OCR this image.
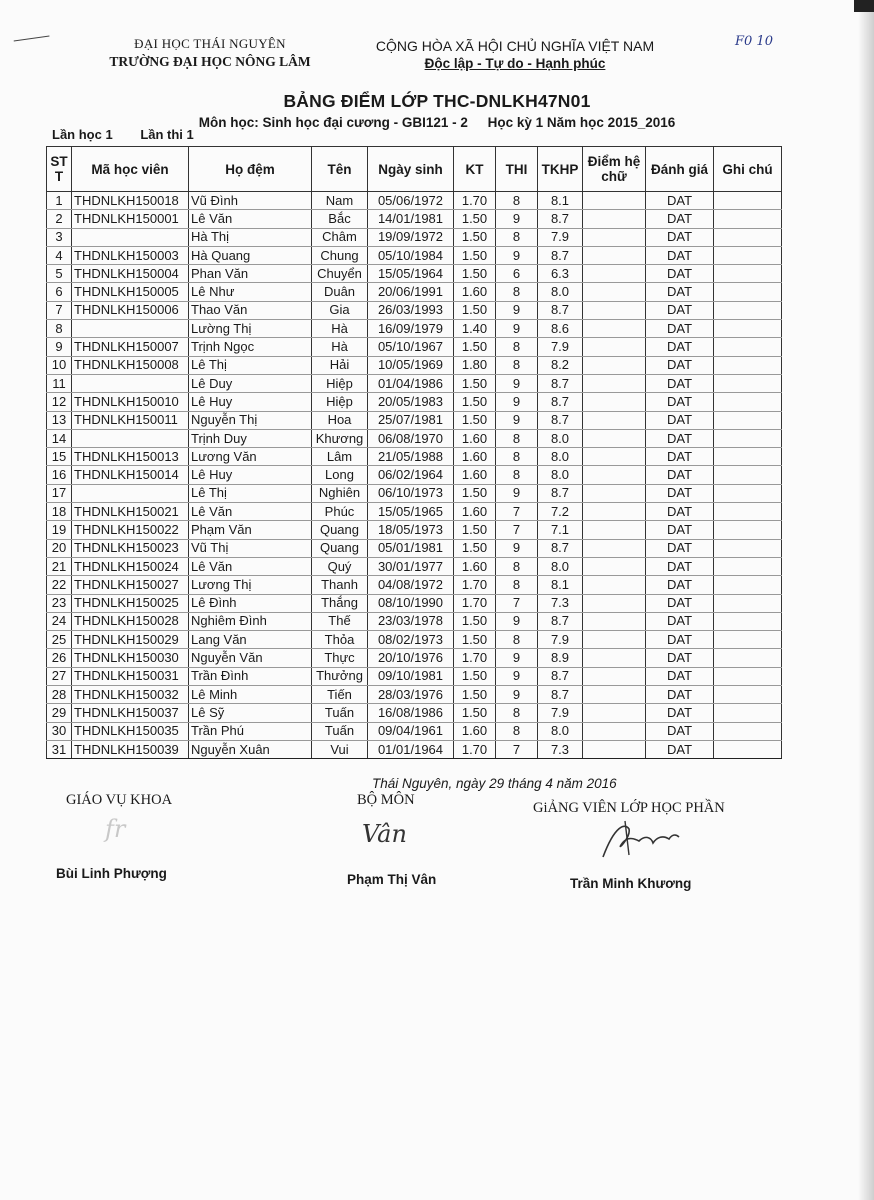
F0 10
ĐẠI HỌC THÁI NGUYÊN
TRƯỜNG ĐẠI HỌC NÔNG LÂM
CỘNG HÒA XÃ HỘI CHỦ NGHĨA VIỆT NAM
Độc lập - Tự do - Hạnh phúc
BẢNG ĐIỂM LỚP THC-DNLKH47N01
Môn học: Sinh học đại cương - GBI121 - 2 Học kỳ 1 Năm học 2015_2016
Lần học 1 Lần thi 1
ST T	Mã học viên	Họ đệm	Tên	Ngày sinh	KT	THI	TKHP	Điểm hệ chữ	Đánh giá	Ghi chú
1	THDNLKH150018	Vũ Đình	Nam	05/06/1972	1.70	8	8.1		DAT	
2	THDNLKH150001	Lê Văn	Bắc	14/01/1981	1.50	9	8.7		DAT	
3		Hà Thị	Châm	19/09/1972	1.50	8	7.9		DAT	
4	THDNLKH150003	Hà Quang	Chung	05/10/1984	1.50	9	8.7		DAT	
5	THDNLKH150004	Phan Văn	Chuyển	15/05/1964	1.50	6	6.3		DAT	
6	THDNLKH150005	Lê Như	Duân	20/06/1991	1.60	8	8.0		DAT	
7	THDNLKH150006	Thao Văn	Gia	26/03/1993	1.50	9	8.7		DAT	
8		Lường Thị	Hà	16/09/1979	1.40	9	8.6		DAT	
9	THDNLKH150007	Trịnh Ngọc	Hà	05/10/1967	1.50	8	7.9		DAT	
10	THDNLKH150008	Lê Thị	Hải	10/05/1969	1.80	8	8.2		DAT	
11		Lê Duy	Hiệp	01/04/1986	1.50	9	8.7		DAT	
12	THDNLKH150010	Lê Huy	Hiệp	20/05/1983	1.50	9	8.7		DAT	
13	THDNLKH150011	Nguyễn Thị	Hoa	25/07/1981	1.50	9	8.7		DAT	
14		Trịnh Duy	Khương	06/08/1970	1.60	8	8.0		DAT	
15	THDNLKH150013	Lương Văn	Lâm	21/05/1988	1.60	8	8.0		DAT	
16	THDNLKH150014	Lê Huy	Long	06/02/1964	1.60	8	8.0		DAT	
17		Lê Thị	Nghiên	06/10/1973	1.50	9	8.7		DAT	
18	THDNLKH150021	Lê Văn	Phúc	15/05/1965	1.60	7	7.2		DAT	
19	THDNLKH150022	Phạm Văn	Quang	18/05/1973	1.50	7	7.1		DAT	
20	THDNLKH150023	Vũ Thị	Quang	05/01/1981	1.50	9	8.7		DAT	
21	THDNLKH150024	Lê Văn	Quý	30/01/1977	1.60	8	8.0		DAT	
22	THDNLKH150027	Lương Thị	Thanh	04/08/1972	1.70	8	8.1		DAT	
23	THDNLKH150025	Lê Đình	Thắng	08/10/1990	1.70	7	7.3		DAT	
24	THDNLKH150028	Nghiêm Đình	Thế	23/03/1978	1.50	9	8.7		DAT	
25	THDNLKH150029	Lang Văn	Thỏa	08/02/1973	1.50	8	7.9		DAT	
26	THDNLKH150030	Nguyễn Văn	Thực	20/10/1976	1.70	9	8.9		DAT	
27	THDNLKH150031	Trần Đình	Thưởng	09/10/1981	1.50	9	8.7		DAT	
28	THDNLKH150032	Lê Minh	Tiến	28/03/1976	1.50	9	8.7		DAT	
29	THDNLKH150037	Lê Sỹ	Tuấn	16/08/1986	1.50	8	7.9		DAT	
30	THDNLKH150035	Trần Phú	Tuấn	09/04/1961	1.60	8	8.0		DAT	
31	THDNLKH150039	Nguyễn Xuân	Vui	01/01/1964	1.70	7	7.3		DAT	
Thái Nguyên, ngày 29 tháng 4 năm 2016
GIÁO VỤ KHOA
fr
Bùi Linh Phượng
BỘ MÔN
Vân
Phạm Thị Vân
GiẢNG VIÊN LỚP HỌC PHẦN
Trần Minh Khương
